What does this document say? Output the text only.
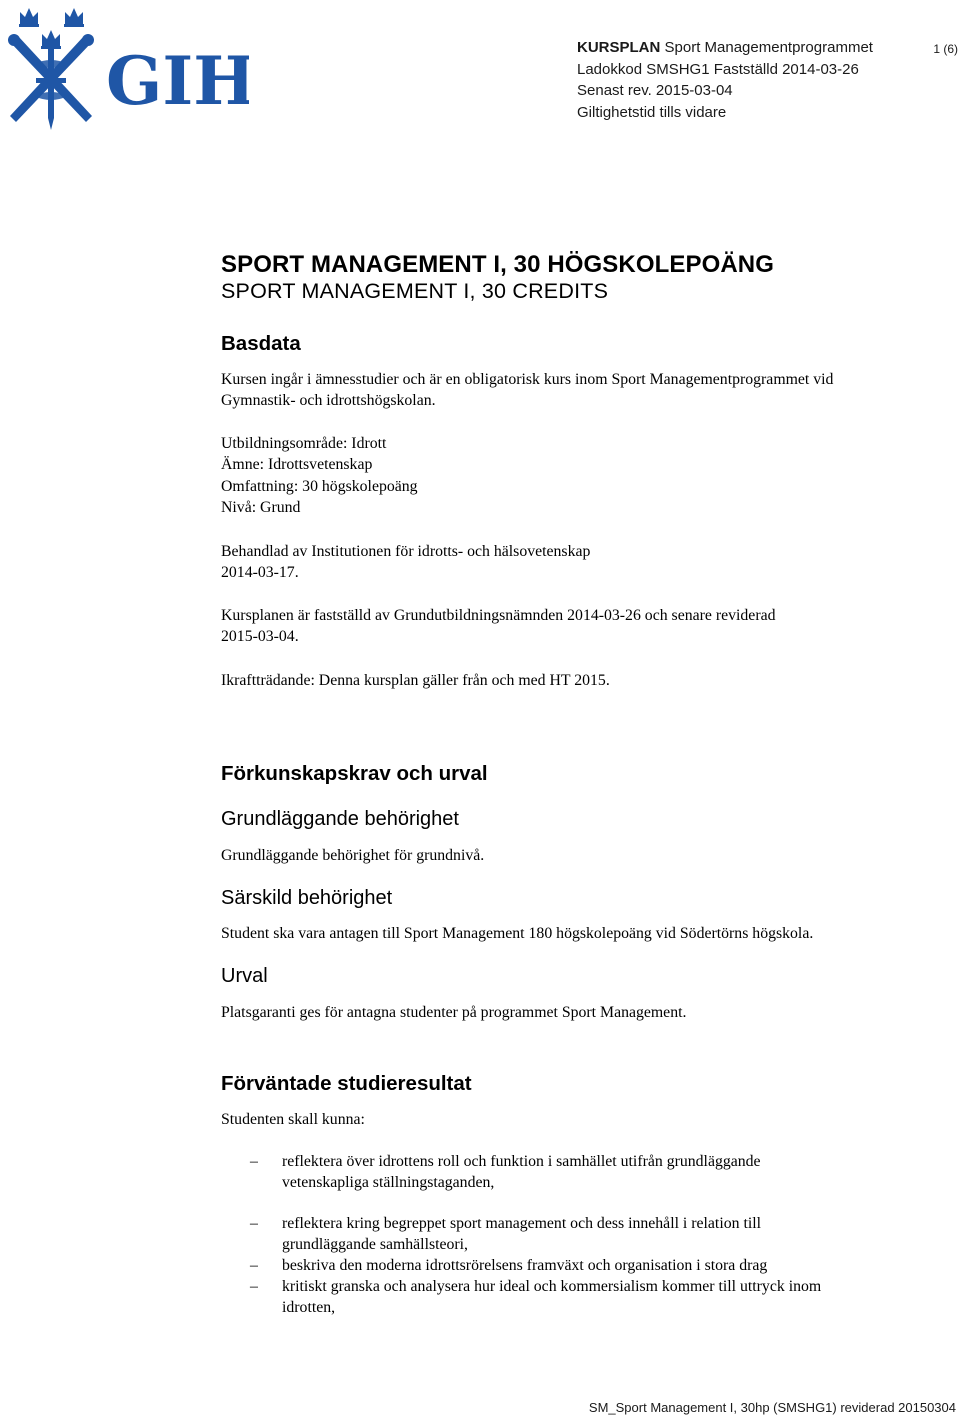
GIH	KURSPLAN Sport Managementprogrammet
Ladokkod SMSHG1 Fastställd 2014-03-26
Senast rev. 2015-03-04
Giltighetstid tills vidare
1 (6)
SPORT MANAGEMENT I, 30 HÖGSKOLEPOÄNG
SPORT MANAGEMENT I, 30 CREDITS
Basdata
Kursen ingår i ämnesstudier och är en obligatorisk kurs inom Sport Managementprogrammet vid
Gymnastik- och idrottshögskolan.
Utbildningsområde: Idrott
Ämne: Idrottsvetenskap
Omfattning: 30 högskolepoäng
Nivå: Grund
Behandlad av Institutionen för idrotts- och hälsovetenskap
2014-03-17.
Kursplanen är fastställd av Grundutbildningsnämnden 2014-03-26 och senare reviderad
2015-03-04.
Ikraftträdande: Denna kursplan gäller från och med HT 2015.
Förkunskapskrav och urval
Grundläggande behörighet
Grundläggande behörighet för grundnivå.
Särskild behörighet
Student ska vara antagen till Sport Management 180 högskolepoäng vid Södertörns högskola.
Urval
Platsgaranti ges för antagna studenter på programmet Sport Management.
Förväntade studieresultat
Studenten skall kunna:
–	reflektera över idrottens roll och funktion i samhället utifrån grundläggande
vetenskapliga ställningstaganden,
–	reflektera kring begreppet sport management och dess innehåll i relation till
grundläggande samhällsteori,
–	beskriva den moderna idrottsrörelsens framväxt och organisation i stora drag
–	kritiskt granska och analysera hur ideal och kommersialism kommer till uttryck inom
idrotten,
SM_Sport Management I, 30hp (SMSHG1) reviderad 20150304
